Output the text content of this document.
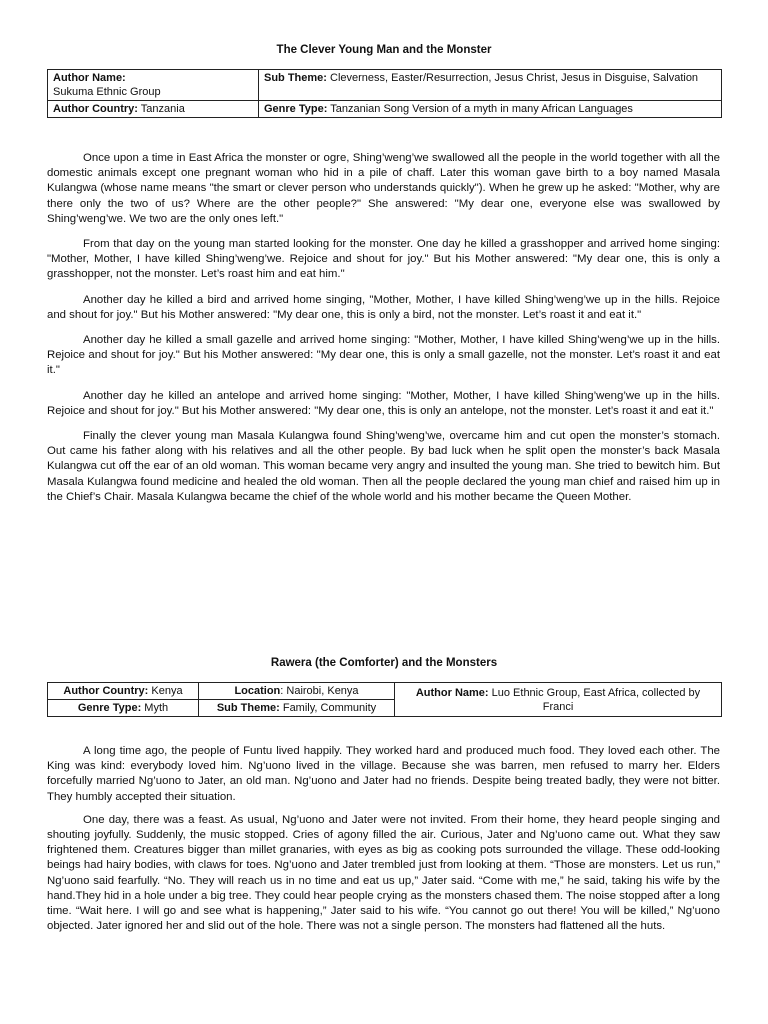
The Clever Young Man and the Monster
Author Name:
Sukuma Ethnic Group	Sub Theme: Cleverness, Easter/Resurrection, Jesus Christ, Jesus in Disguise, Salvation
Author Country: Tanzania	Genre Type: Tanzanian Song Version of a myth in many African Languages

Once upon a time in East Africa the monster or ogre, Shing’weng’we swallowed all the people in the world together with all the domestic animals except one pregnant woman who hid in a pile of chaff. Later this woman gave birth to a boy named Masala Kulangwa (whose name means "the smart or clever person who understands quickly"). When he grew up he asked: "Mother, why are there only the two of us? Where are the other people?" She answered: "My dear one, everyone else was swallowed by Shing’weng’we. We two are the only ones left."

From that day on the young man started looking for the monster. One day he killed a grasshopper and arrived home singing: "Mother, Mother, I have killed Shing’weng’we. Rejoice and shout for joy." But his Mother answered: "My dear one, this is only a grasshopper, not the monster. Let’s roast him and eat him."

Another day he killed a bird and arrived home singing, "Mother, Mother, I have killed Shing’weng’we up in the hills. Rejoice and shout for joy." But his Mother answered: "My dear one, this is only a bird, not the monster. Let’s roast it and eat it."

Another day he killed a small gazelle and arrived home singing: "Mother, Mother, I have killed Shing’weng’we up in the hills. Rejoice and shout for joy." But his Mother answered: "My dear one, this is only a small gazelle, not the monster. Let’s roast it and eat it."

Another day he killed an antelope and arrived home singing: "Mother, Mother, I have killed Shing’weng’we up in the hills. Rejoice and shout for joy." But his Mother answered: "My dear one, this is only an antelope, not the monster. Let’s roast it and eat it."

Finally the clever young man Masala Kulangwa found Shing’weng’we, overcame him and cut open the monster’s stomach. Out came his father along with his relatives and all the other people. By bad luck when he split open the monster’s back Masala Kulangwa cut off the ear of an old woman. This woman became very angry and insulted the young man. She tried to bewitch him. But Masala Kulangwa found medicine and healed the old woman. Then all the people declared the young man chief and raised him up in the Chief’s Chair. Masala Kulangwa became the chief of the whole world and his mother became the Queen Mother.

Rawera (the Comforter) and the Monsters
Author Country: Kenya	Location: Nairobi, Kenya	Author Name: Luo Ethnic Group, East Africa, collected by Franci
Genre Type: Myth	Sub Theme: Family, Community	

A long time ago, the people of Funtu lived happily. They worked hard and produced much food. They loved each other. The King was kind: everybody loved him. Ng’uono lived in the village. Because she was barren, men refused to marry her. Elders forcefully married Ng’uono to Jater, an old man. Ng’uono and Jater had no friends. Despite being treated badly, they were not bitter. They humbly accepted their situation.

One day, there was a feast. As usual, Ng’uono and Jater were not invited. From their home, they heard people singing and shouting joyfully. Suddenly, the music stopped. Cries of agony filled the air. Curious, Jater and Ng’uono came out. What they saw frightened them. Creatures bigger than millet granaries, with eyes as big as cooking pots surrounded the village. These odd-looking beings had hairy bodies, with claws for toes. Ng’uono and Jater trembled just from looking at them. “Those are monsters. Let us run,” Ng’uono said fearfully. “No. They will reach us in no time and eat us up,” Jater said. “Come with me,” he said, taking his wife by the hand.They hid in a hole under a big tree. They could hear people crying as the monsters chased them. The noise stopped after a long time. “Wait here. I will go and see what is happening,” Jater said to his wife. “You cannot go out there! You will be killed,” Ng’uono objected. Jater ignored her and slid out of the hole. There was not a single person. The monsters had flattened all the huts.
